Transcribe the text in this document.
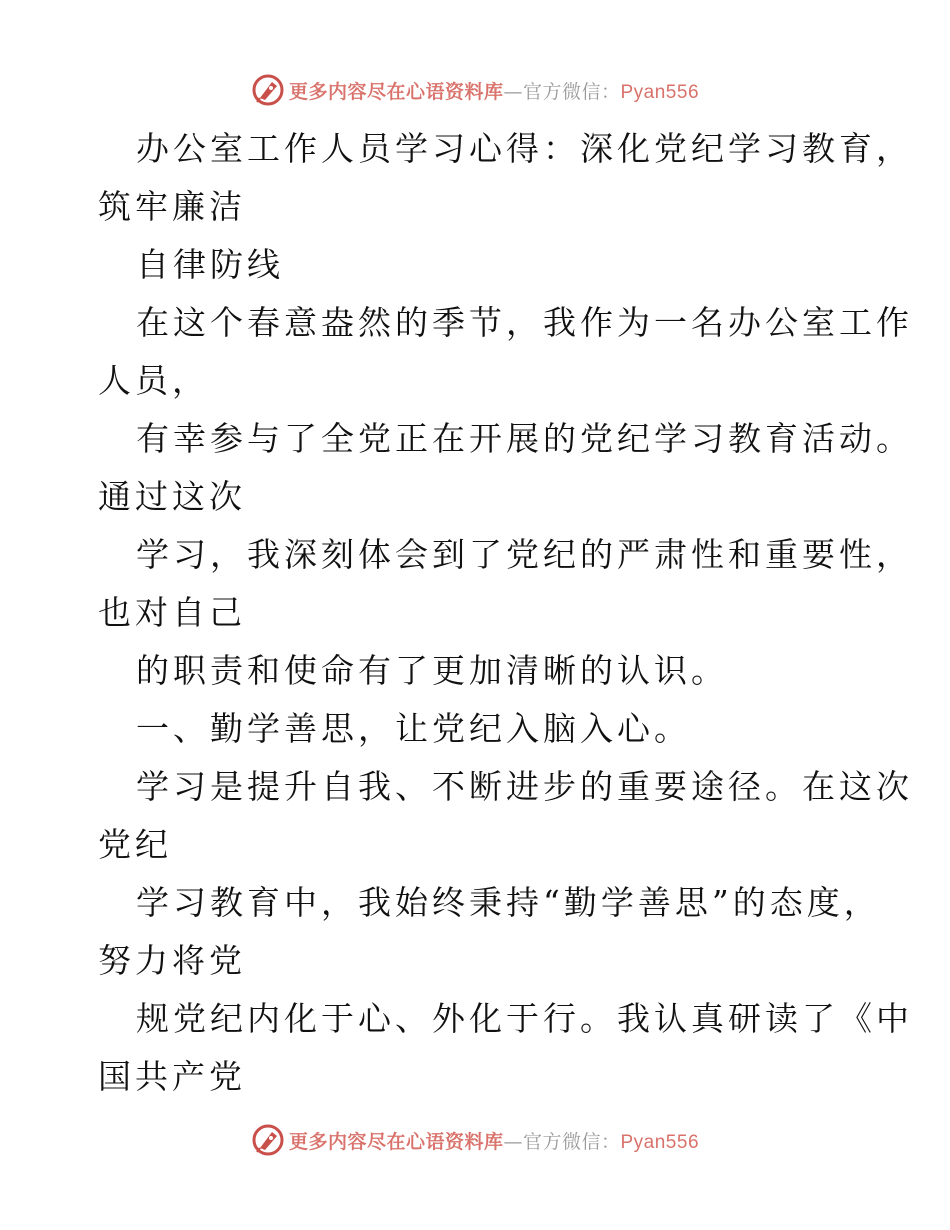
更多内容尽在心语资料库—官方微信：Pyan556
办公室工作人员学习心得：深化党纪学习教育，
筑牢廉洁
自律防线
在这个春意盎然的季节，我作为一名办公室工作
人员，
有幸参与了全党正在开展的党纪学习教育活动。
通过这次
学习，我深刻体会到了党纪的严肃性和重要性，
也对自己
的职责和使命有了更加清晰的认识。
一、勤学善思，让党纪入脑入心。
学习是提升自我、不断进步的重要途径。在这次
党纪
学习教育中，我始终秉持“勤学善思”的态度，
努力将党
规党纪内化于心、外化于行。我认真研读了《中
国共产党
更多内容尽在心语资料库—官方微信：Pyan556
